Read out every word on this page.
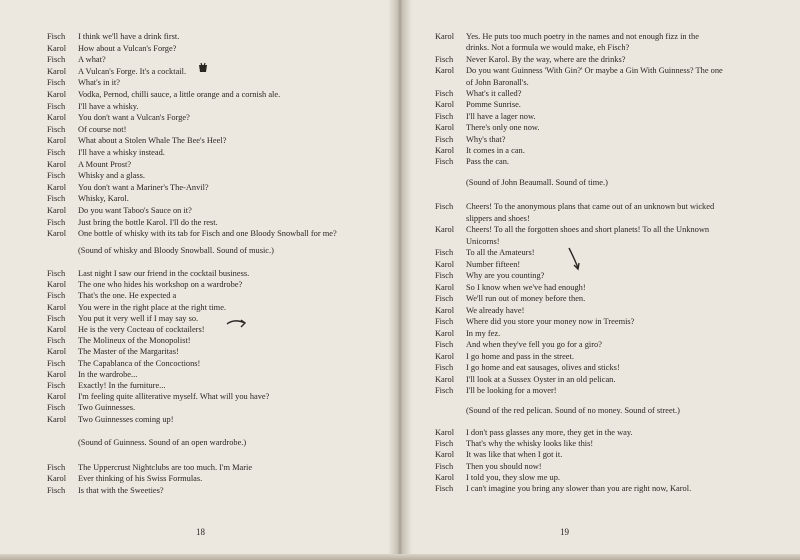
Fisch I think we'll have a drink first.
Karol How about a Vulcan's Forge?
Fisch A what?
Karol A Vulcan's Forge. It's a cocktail.
Fisch What's in it?
Karol Vodka, Pernod, chilli sauce, a little orange and a cornish ale.
Fisch I'll have a whisky.
Karol You don't want a Vulcan's Forge?
Fisch Of course not!
Karol What about a Stolen Whale The Bee's Heel?
Fisch I'll have a whisky instead.
Karol A Mount Prost?
Fisch Whisky and a glass.
Karol You don't want a Mariner's The-Anvil?
Fisch Whisky, Karol.
Karol Do you want Taboo's Sauce on it?
Fisch Just bring the bottle Karol. I'll do the rest.
Karol One bottle of whisky with its tab for Fisch and one Bloody Snowball for me?
Fisch Last night I saw our friend in the cocktail business.
Karol The one who hides his workshop on a wardrobe?
Fisch That's the one. He expected a
Karol You were in the right place at the right time.
Fisch You put it very well if I may say so.
Karol He is the very Cocteau of cocktailers!
Fisch The Molineux of the Monopolist!
Karol The Master of the Margaritas!
Fisch The Capablanca of the Concoctions!
Karol In the wardrobe...
Fisch Exactly! In the furniture...
Karol I'm feeling quite alliterative myself. What will you have?
Fisch Two Guinnesses.
Karol Two Guinnesses coming up!
Fisch The Uppercrust Nightclubs are too much. I'm Marie
Karol Ever thinking of his Swiss Formulas.
Fisch Is that with the Sweeties?
(Sound of whisky and Bloody Snowball. Sound of music.)
(Sound of Guinness. Sound of an open wardrobe.)
18
Karol Yes. He puts too much poetry in the names and not enough fizz in the
drinks. Not a formula we would make, eh Fisch?
Fisch Never Karol. By the way, where are the drinks?
Karol Do you want Guinness 'With Gin?' Or maybe a Gin With Guinness? The one
of John Baronall's.
Fisch What's it called?
Karol Pomme Sunrise.
Fisch I'll have a lager now.
Karol There's only one now.
Fisch Why's that?
Karol It comes in a can.
Fisch Pass the can.
Fisch Cheers! To the anonymous plans that came out of an unknown but wicked
slippers and shoes!
Karol Cheers! To all the forgotten shoes and short planets! To all the Unknown
Unicorns!
Fisch To all the Amateurs!
Karol Number fifteen!
Fisch Why are you counting?
Karol So I know when we've had enough!
Fisch We'll run out of money before then.
Karol We already have!
Fisch Where did you store your money now in Treemis?
Karol In my fez.
Fisch And when they've fell you go for a giro?
Karol I go home and pass in the street.
Fisch I go home and eat sausages, olives and sticks!
Karol I'll look at a Sussex Oyster in an old pelican.
Fisch I'll be looking for a mover!
Karol I don't pass glasses any more, they get in the way.
Fisch That's why the whisky looks like this!
Karol It was like that when I got it.
Fisch Then you should now!
Karol I told you, they slow me up.
Fisch I can't imagine you bring any slower than you are right now, Karol.
(Sound of John Beaumall. Sound of time.)
(Sound of the red pelican. Sound of no money. Sound of street.)
19
